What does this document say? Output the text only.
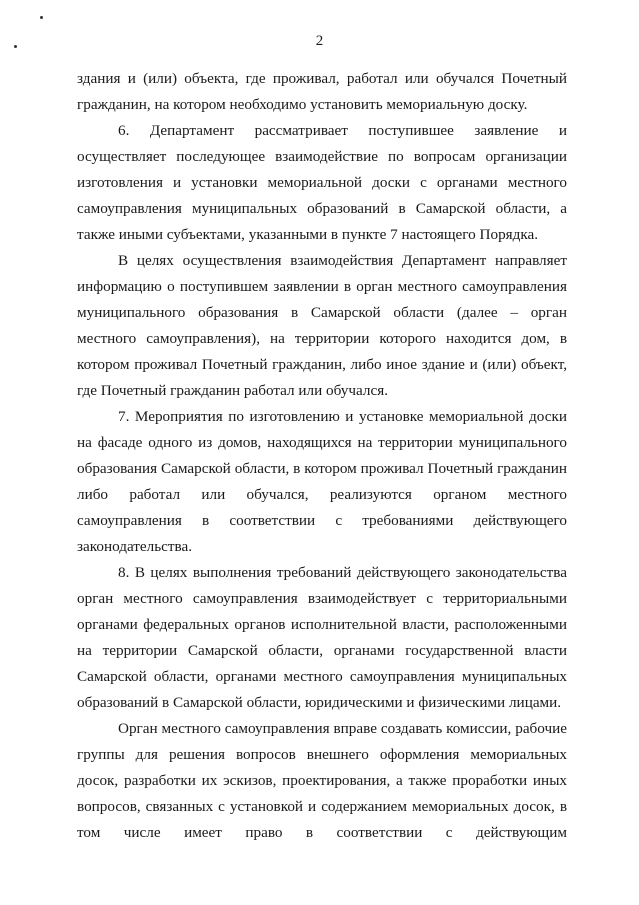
2

здания и (или) объекта, где проживал, работал или обучался Почетный гражданин, на котором необходимо установить мемориальную доску.

6. Департамент рассматривает поступившее заявление и осуществляет последующее взаимодействие по вопросам организации изготовления и установки мемориальной доски с органами местного самоуправления муниципальных образований в Самарской области, а также иными субъектами, указанными в пункте 7 настоящего Порядка.

В целях осуществления взаимодействия Департамент направляет информацию о поступившем заявлении в орган местного самоуправления муниципального образования в Самарской области (далее – орган местного самоуправления), на территории которого находится дом, в котором проживал Почетный гражданин, либо иное здание и (или) объект, где Почетный гражданин работал или обучался.

7. Мероприятия по изготовлению и установке мемориальной доски на фасаде одного из домов, находящихся на территории муниципального образования Самарской области, в котором проживал Почетный гражданин либо работал или обучался, реализуются органом местного самоуправления в соответствии с требованиями действующего законодательства.

8. В целях выполнения требований действующего законодательства орган местного самоуправления взаимодействует с территориальными органами федеральных органов исполнительной власти, расположенными на территории Самарской области, органами государственной власти Самарской области, органами местного самоуправления муниципальных образований в Самарской области, юридическими и физическими лицами.

Орган местного самоуправления вправе создавать комиссии, рабочие группы для решения вопросов внешнего оформления мемориальных досок, разработки их эскизов, проектирования, а также проработки иных вопросов, связанных с установкой и содержанием мемориальных досок, в том числе имеет право в соответствии с действующим
